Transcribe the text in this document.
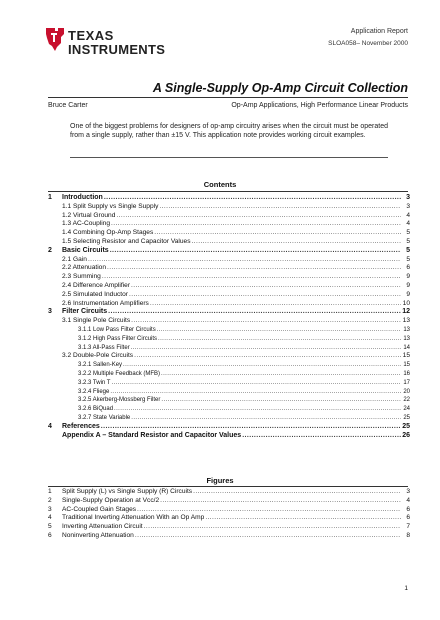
TEXAS
INSTRUMENTS
Application Report
SLOA058– November 2000
A Single-Supply Op-Amp Circuit Collection
Bruce Carter	Op-Amp Applications, High Performance Linear Products
One of the biggest problems for designers of op-amp circuitry arises when the circuit must be operated from a single supply, rather than ±15 V. This application note provides working circuit examples.
Contents
1	Introduction .....	3
1.1 Split Supply vs Single Supply .....	3
1.2 Virtual Ground .....	4
1.3 AC-Coupling .....	4
1.4 Combining Op-Amp Stages .....	5
1.5 Selecting Resistor and Capacitor Values .....	5
2	Basic Circuits .....	5
2.1 Gain .....	5
2.2 Attenuation .....	6
2.3 Summing .....	9
2.4 Difference Amplifier .....	9
2.5 Simulated Inductor .....	9
2.6 Instrumentation Amplifiers .....	10
3	Filter Circuits .....	12
3.1 Single Pole Circuits .....	13
3.1.1 Low Pass Filter Circuits .....	13
3.1.2 High Pass Filter Circuits .....	13
3.1.3 All-Pass Filter .....	14
3.2 Double-Pole Circuits .....	15
3.2.1 Sallen-Key .....	15
3.2.2 Multiple Feedback (MFB) .....	16
3.2.3 Twin T .....	17
3.2.4 Fliege .....	20
3.2.5 Akerberg-Mossberg Filter .....	22
3.2.6 BiQuad .....	24
3.2.7 State Variable .....	25
4	References .....	25
Appendix A – Standard Resistor and Capacitor Values .....	26
Figures
1	Split Supply (L) vs Single Supply (R) Circuits .....	3
2	Single-Supply Operation at Vcc/2 .....	4
3	AC-Coupled Gain Stages .....	6
4	Traditional Inverting Attenuation With an Op Amp .....	6
5	Inverting Attenuation Circuit .....	7
6	Noninverting Attenuation .....	8
1
